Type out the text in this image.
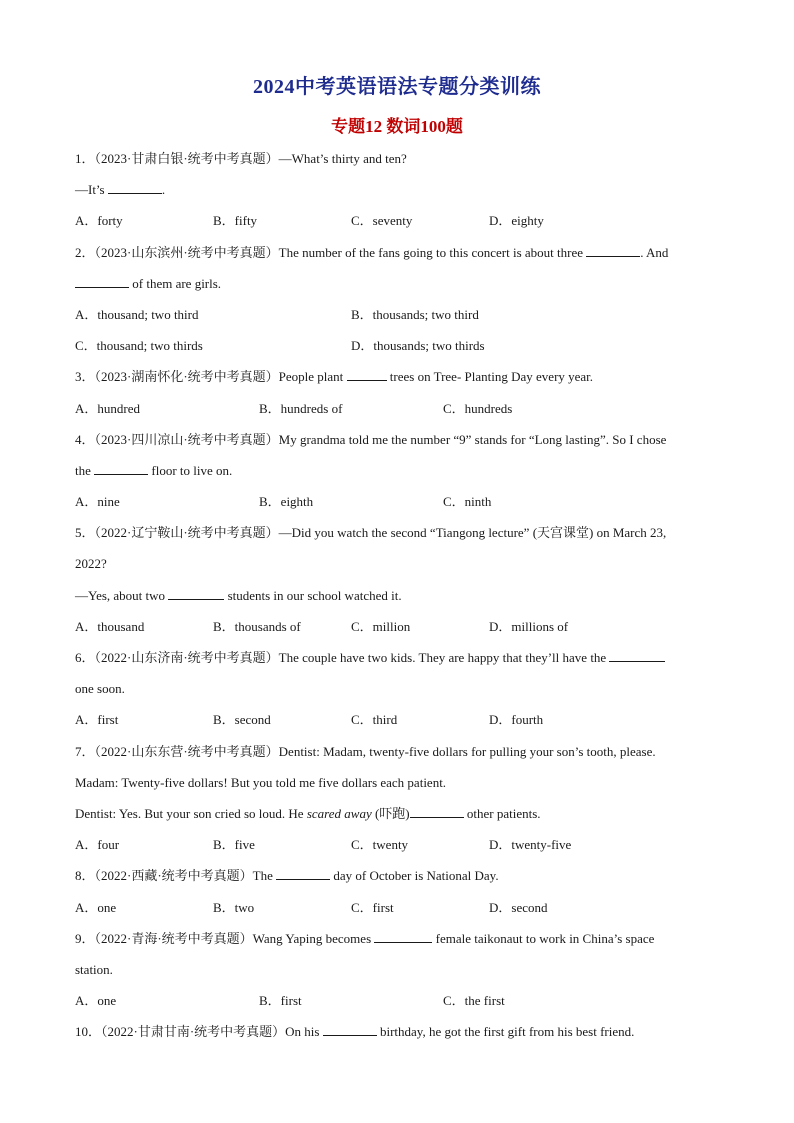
2024中考英语语法专题分类训练
专题12 数词100题
1．（2023·甘肃白银·统考中考真题）—What’s thirty and ten?
—It’s	.
A．forty	B．fifty	C．seventy	D．eighty
2．（2023·山东滨州·统考中考真题）The number of the fans going to this concert is about three	. And
of them are girls.
A．thousand; two third	B．thousands; two third
C．thousand; two thirds	D．thousands; two thirds
3．（2023·湖南怀化·统考中考真题）People plant	trees on Tree- Planting Day every year.
A．hundred	B．hundreds of	C．hundreds
4．（2023·四川凉山·统考中考真题）My grandma told me the number “9” stands for “Long lasting”. So I chose
the	floor to live on.
A．nine	B．eighth	C．ninth
5．（2022·辽宁鞍山·统考中考真题）—Did you watch the second “Tiangong lecture” (天宫课堂) on March 23,
2022?
—Yes, about two	students in our school watched it.
A．thousand	B．thousands of	C．million	D．millions of
6．（2022·山东济南·统考中考真题）The couple have two kids. They are happy that they’ll have the
one soon.
A．first	B．second	C．third	D．fourth
7．（2022·山东东营·统考中考真题）Dentist: Madam, twenty-five dollars for pulling your son’s tooth, please.
Madam: Twenty-five dollars! But you told me five dollars each patient.
Dentist: Yes. But your son cried so loud. He scared away (吓跑)	other patients.
A．four	B．five	C．twenty	D．twenty-five
8．（2022·西藏·统考中考真题）The	day of October is National Day.
A．one	B．two	C．first	D．second
9．（2022·青海·统考中考真题）Wang Yaping becomes	female taikonaut to work in China’s space
station.
A．one	B．first	C．the first
10．（2022·甘肃甘南·统考中考真题）On his	birthday, he got the first gift from his best friend.
